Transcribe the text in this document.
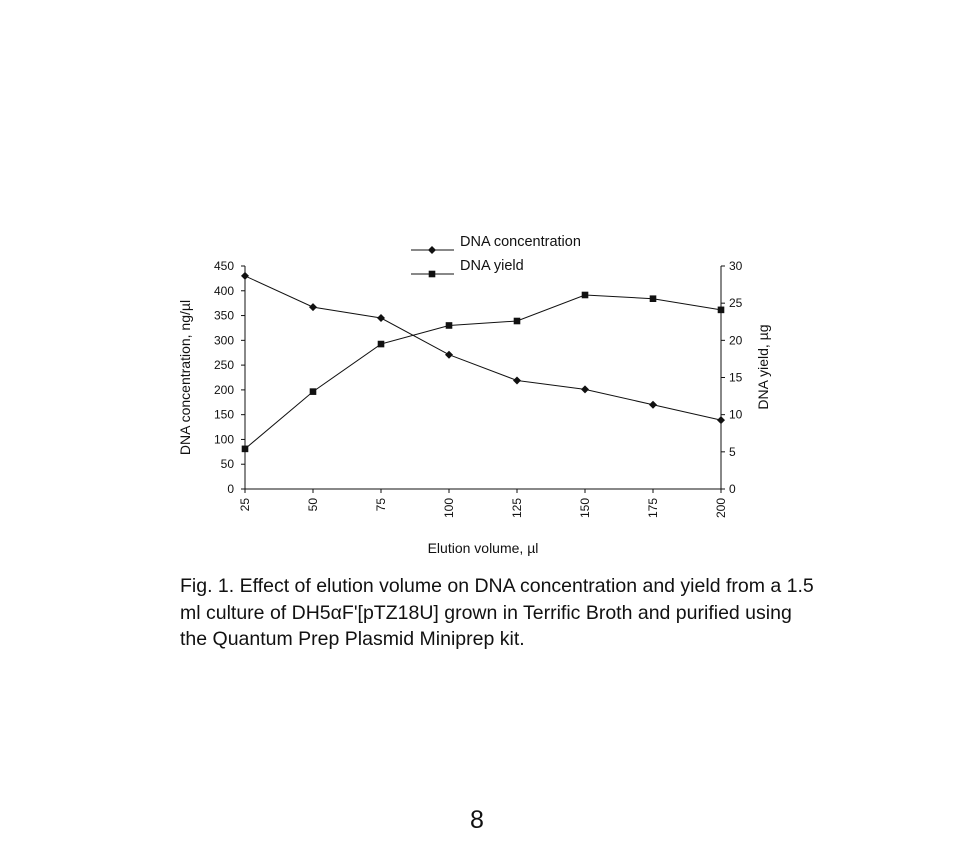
0
50
100
150
200
250
300
350
400
450
0
5
10
15
20
25
30
25	50	75	100	125	150	175	200
Elution volume, µl
DNA concentration, ng/µl	DNA yield, µg
DNA concentration
DNA yield
Fig. 1. Effect of elution volume on DNA concentration and yield from a 1.5 ml culture of DH5αF'[pTZ18U] grown in Terrific Broth and purified using the Quantum Prep Plasmid Miniprep kit.
8
